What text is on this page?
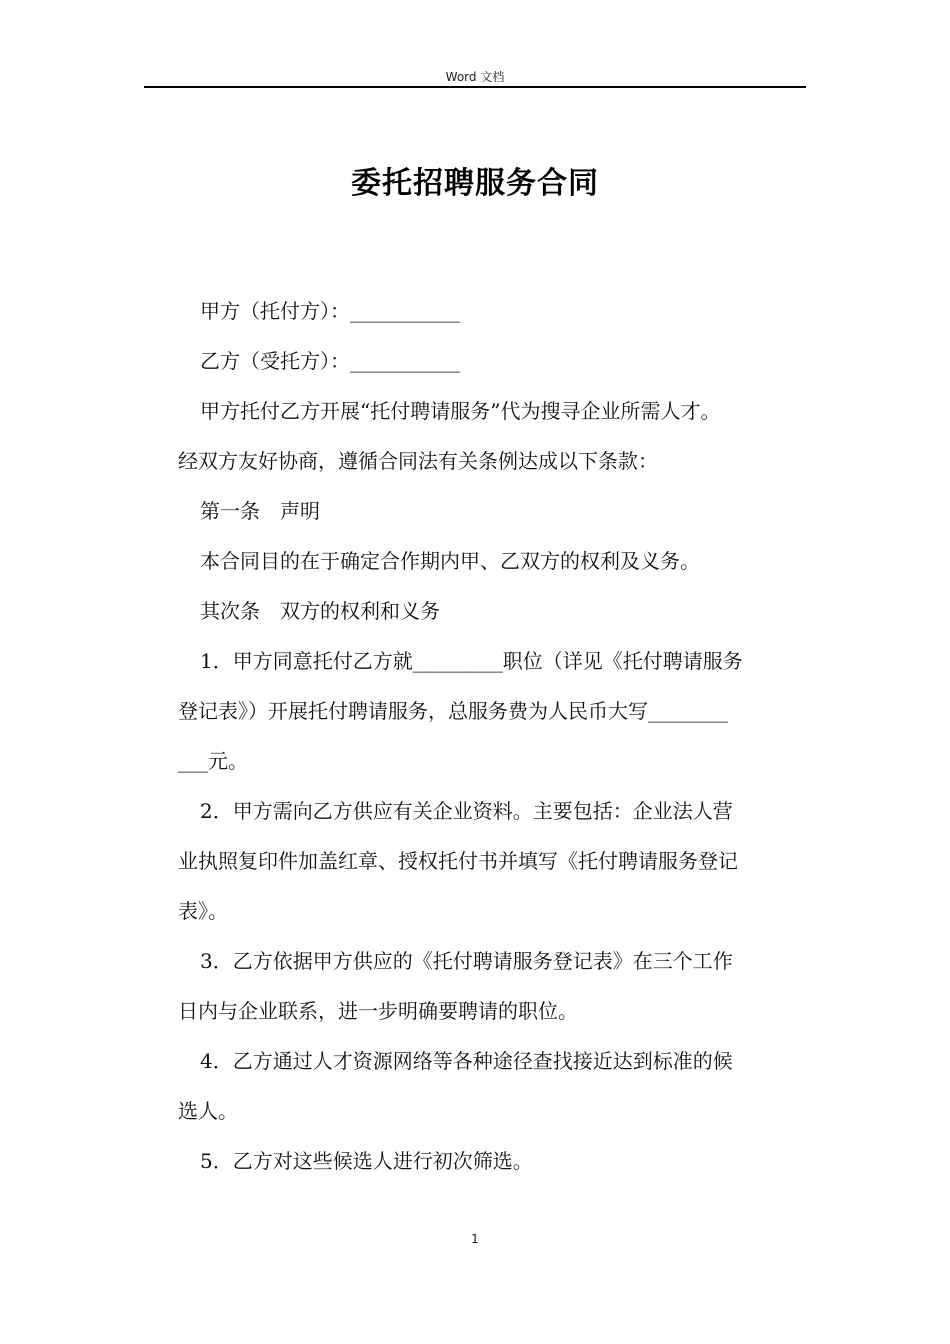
Word 文档
委托招聘服务合同

甲方（托付方）：___________

乙方（受托方）：___________

甲方托付乙方开展“托付聘请服务”代为搜寻企业所需人才。

经双方友好协商，遵循合同法有关条例达成以下条款：

第一条　声明

本合同目的在于确定合作期内甲、乙双方的权利及义务。

其次条　双方的权利和义务

1．甲方同意托付乙方就_________职位（详见《托付聘请服务

登记表》）开展托付聘请服务，总服务费为人民币大写________

___元。

2．甲方需向乙方供应有关企业资料。主要包括：企业法人营

业执照复印件加盖红章、授权托付书并填写《托付聘请服务登记

表》。

3．乙方依据甲方供应的《托付聘请服务登记表》在三个工作

日内与企业联系，进一步明确要聘请的职位。

4．乙方通过人才资源网络等各种途径查找接近达到标准的候

选人。

5．乙方对这些候选人进行初次筛选。

1
